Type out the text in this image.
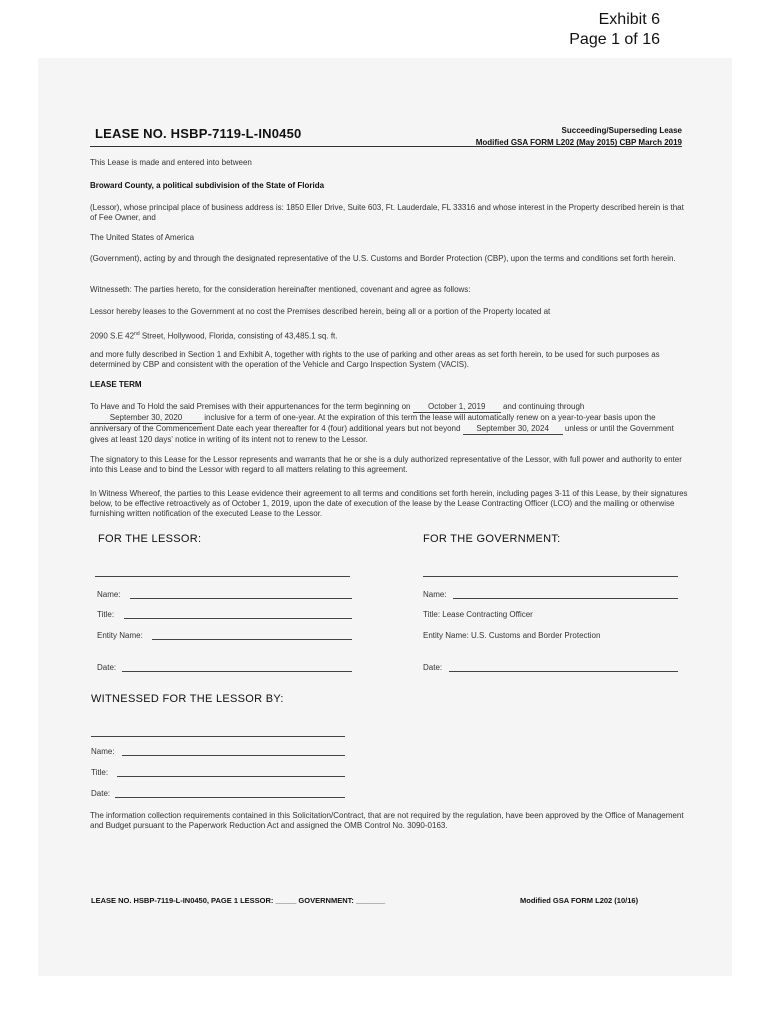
Exhibit 6
Page 1 of 16
LEASE NO. HSBP-7119-L-IN0450	Succeeding/Superseding Lease
Modified GSA FORM L202 (May 2015) CBP March 2019
This Lease is made and entered into between
Broward County, a political subdivision of the State of Florida
(Lessor), whose principal place of business address is: 1850 Eller Drive, Suite 603, Ft. Lauderdale, FL 33316 and whose interest in the Property described herein is that of Fee Owner, and
The United States of America
(Government), acting by and through the designated representative of the U.S. Customs and Border Protection (CBP), upon the terms and conditions set forth herein.
Witnesseth: The parties hereto, for the consideration hereinafter mentioned, covenant and agree as follows:
Lessor hereby leases to the Government at no cost the Premises described herein, being all or a portion of the Property located at
2090 S.E 42nd Street, Hollywood, Florida, consisting of 43,485.1 sq. ft.
and more fully described in Section 1 and Exhibit A, together with rights to the use of parking and other areas as set forth herein, to be used for such purposes as determined by CBP and consistent with the operation of the Vehicle and Cargo Inspection System (VACIS).
LEASE TERM
To Have and To Hold the said Premises with their appurtenances for the term beginning on October 1, 2019 and continuing through September 30, 2020	inclusive for a term of one-year. At the expiration of this term the lease will automatically renew on a year-to-year basis upon the anniversary of the Commencement Date each year thereafter for 4 (four) additional years but not beyond September 30, 2024 unless or until the Government gives at least 120 days' notice in writing of its intent not to renew to the Lessor.
The signatory to this Lease for the Lessor represents and warrants that he or she is a duly authorized representative of the Lessor, with full power and authority to enter into this Lease and to bind the Lessor with regard to all matters relating to this agreement.
In Witness Whereof, the parties to this Lease evidence their agreement to all terms and conditions set forth herein, including pages 3-11 of this Lease, by their signatures below, to be effective retroactively as of October 1, 2019, upon the date of execution of the lease by the Lease Contracting Officer (LCO) and the mailing or otherwise furnishing written notification of the executed Lease to the Lessor.
FOR THE LESSOR:	FOR THE GOVERNMENT:
Name:	Name:
Title:	Title: Lease Contracting Officer
Entity Name:	Entity Name: U.S. Customs and Border Protection
Date:	Date:
WITNESSED FOR THE LESSOR BY:
Name:
Title:
Date:
The information collection requirements contained in this Solicitation/Contract, that are not required by the regulation, have been approved by the Office of Management and Budget pursuant to the Paperwork Reduction Act and assigned the OMB Control No. 3090-0163.
LEASE NO. HSBP-7119-L-IN0450, PAGE 1 LESSOR: _____ GOVERNMENT: _______	Modified GSA FORM L202 (10/16)
